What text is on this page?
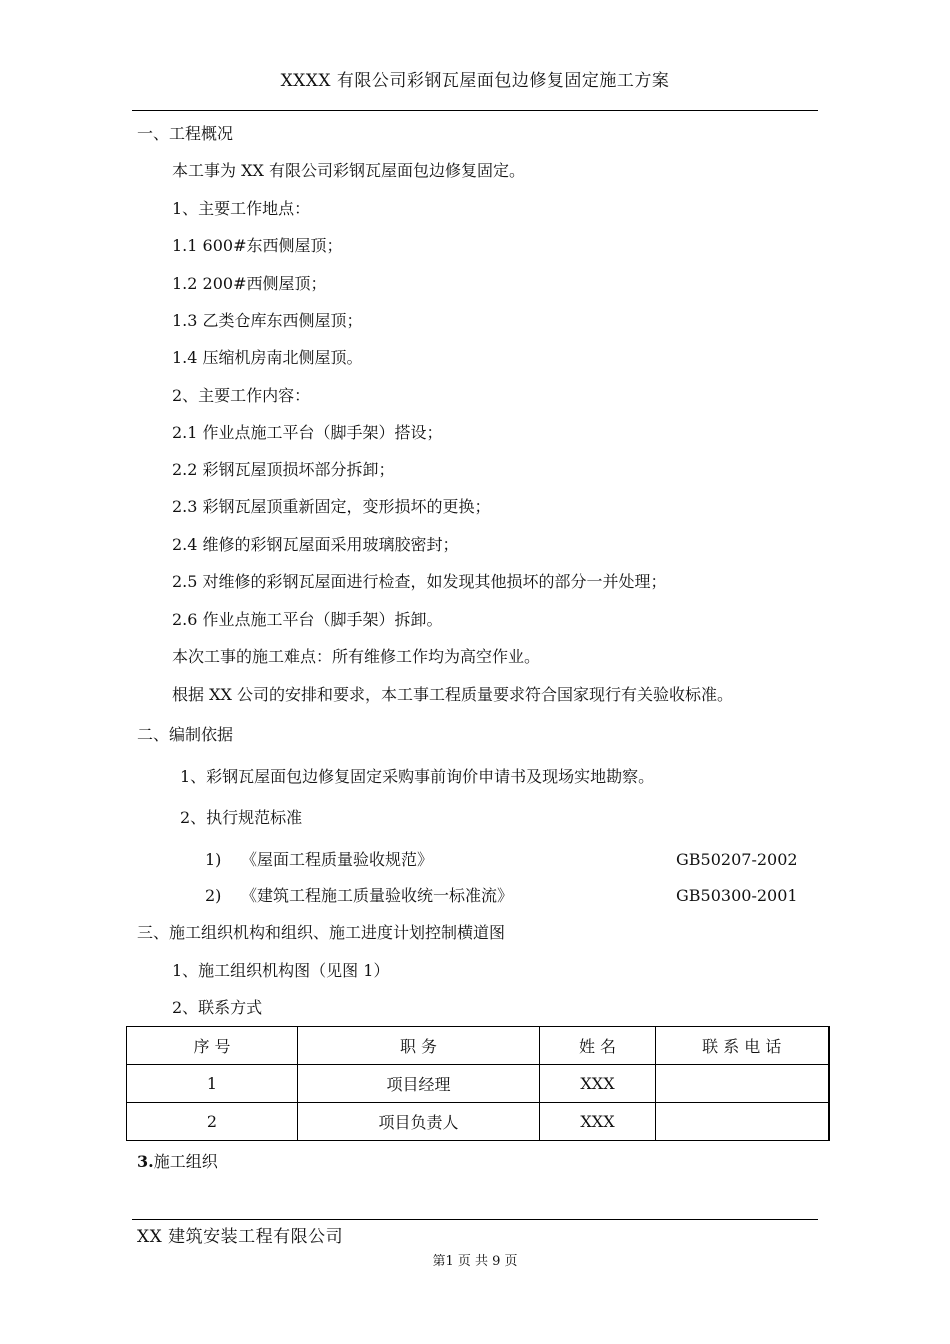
XXXX 有限公司彩钢瓦屋面包边修复固定施工方案
一、工程概况
本工事为 XX 有限公司彩钢瓦屋面包边修复固定。
1、主要工作地点：
1.1 600#东西侧屋顶；
1.2 200#西侧屋顶；
1.3 乙类仓库东西侧屋顶；
1.4 压缩机房南北侧屋顶。
2、主要工作内容：
2.1 作业点施工平台（脚手架）搭设；
2.2 彩钢瓦屋顶损坏部分拆卸；
2.3 彩钢瓦屋顶重新固定，变形损坏的更换；
2.4 维修的彩钢瓦屋面采用玻璃胶密封；
2.5 对维修的彩钢瓦屋面进行检查，如发现其他损坏的部分一并处理；
2.6 作业点施工平台（脚手架）拆卸。
本次工事的施工难点：所有维修工作均为高空作业。
根据 XX 公司的安排和要求，本工事工程质量要求符合国家现行有关验收标准。
二、编制依据
1、彩钢瓦屋面包边修复固定采购事前询价申请书及现场实地勘察。
2、执行规范标准
1) 《屋面工程质量验收规范》	GB50207-2002
2) 《建筑工程施工质量验收统一标准流》	GB50300-2001
三、施工组织机构和组织、施工进度计划控制横道图
1、施工组织机构图（见图 1）
2、联系方式
序 号	职 务	姓 名	联 系 电 话
1	项目经理	XXX	
2	项目负责人	XXX	
3.施工组织
XX 建筑安装工程有限公司
第1 页 共 9 页
